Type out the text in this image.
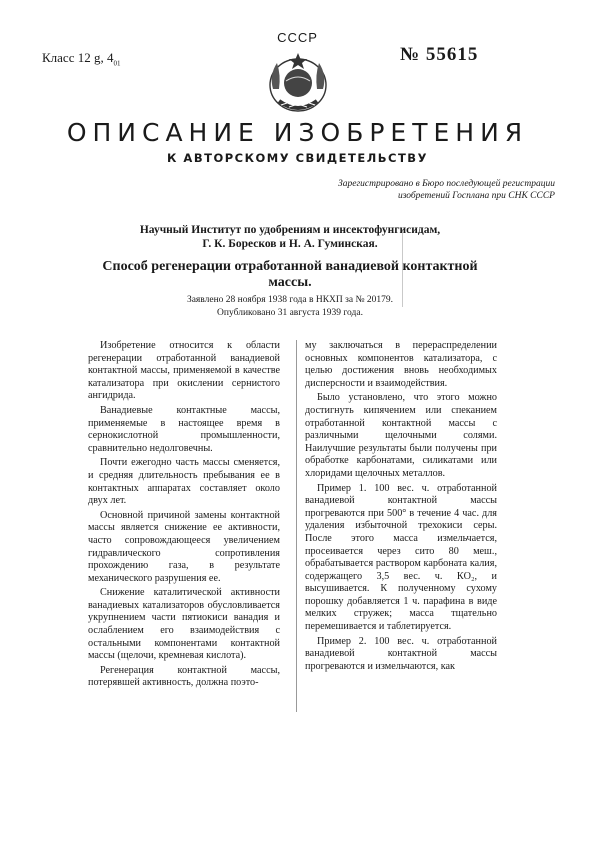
СССР
Класс 12 g, $4_{01}$	№ 55615
ОПИСАНИЕ ИЗОБРЕТЕНИЯ
К АВТОРСКОМУ СВИДЕТЕЛЬСТВУ
Зарегистрировано в Бюро последующей регистрации
изобретений Госплана при СНК СССР
Научный Институт по удобрениям и инсектофунгисидам,
Г. К. Боресков и Н. А. Гуминская.
Способ регенерации отработанной ванадиевой контактной
массы.
Заявлено 28 ноября 1938 года в НКХП за № 20179.
Опубликовано 31 августа 1939 года.

Изобретение относится к области регенерации отработанной ванадиевой контактной массы, применяемой в качестве катализатора при окислении сернистого ангидрида.

Ванадиевые контактные массы, применяемые в настоящее время в сернокислотной промышленности, сравнительно недолговечны.

Почти ежегодно часть массы сменяется, и средняя длительность пребывания ее в контактных аппаратах составляет около двух лет.

Основной причиной замены контактной массы является снижение ее активности, часто сопровождающееся увеличением гидравлического сопротивления прохождению газа, в результате механического разрушения ее.

Снижение каталитической активности ванадиевых катализаторов обусловливается укрупнением части пятиокиси ванадия и ослаблением его взаимодействия с остальными компонентами контактной массы (щелочи, кремневая кислота).

Регенерация контактной массы, потерявшей активность, должна поэто-

му заключаться в перераспределении основных компонентов катализатора, с целью достижения вновь необходимых дисперсности и взаимодействия.

Было установлено, что этого можно достигнуть кипячением или спеканием отработанной контактной массы с различными щелочными солями. Наилучшие результаты были получены при обработке карбонатами, силикатами или хлоридами щелочных металлов.

Пример 1. 100 вес. ч. отработанной ванадиевой контактной массы прогреваются при 500° в течение 4 час. для удаления избыточной трехокиси серы. После этого масса измельчается, просеивается через сито 80 меш., обрабатывается раствором карбоната калия, содержащего 3,5 вес. ч. КO₂, и высушивается. К полученному сухому порошку добавляется 1 ч. парафина в виде мелких стружек; масса тщательно перемешивается и таблетируется.

Пример 2. 100 вес. ч. отработанной ванадиевой контактной массы прогреваются и измельчаются, как
